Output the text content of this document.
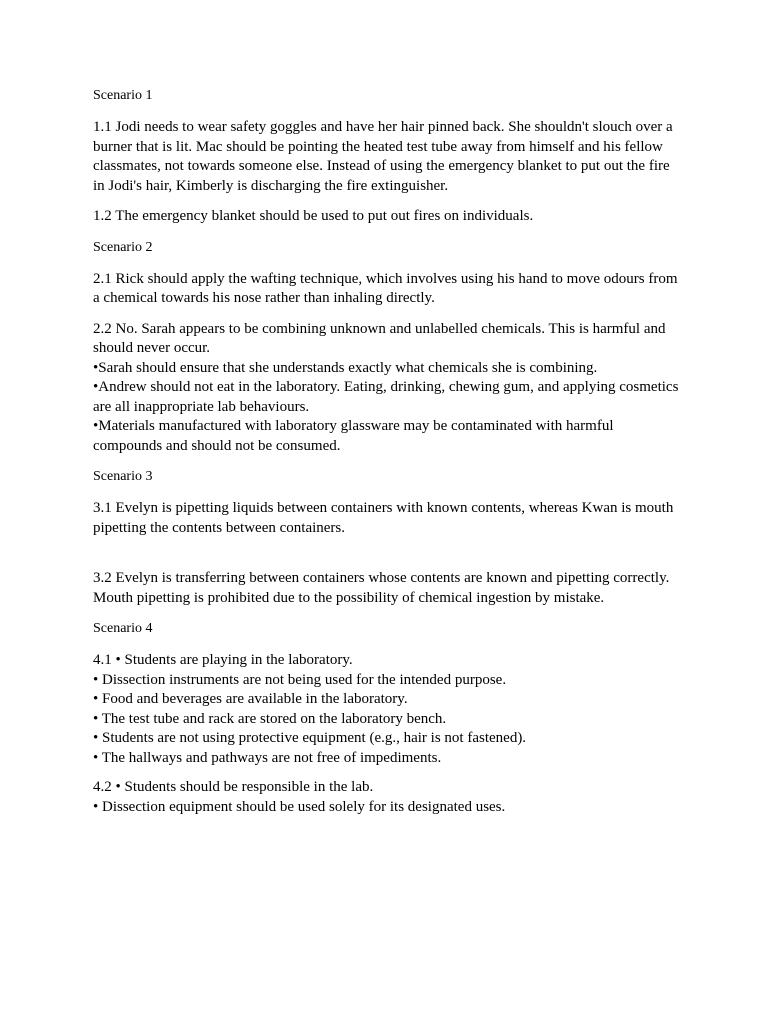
Scenario 1
1.1 Jodi needs to wear safety goggles and have her hair pinned back. She shouldn't slouch over a burner that is lit. Mac should be pointing the heated test tube away from himself and his fellow classmates, not towards someone else. Instead of using the emergency blanket to put out the fire in Jodi's hair, Kimberly is discharging the fire extinguisher.
1.2 The emergency blanket should be used to put out fires on individuals.
Scenario 2
2.1 Rick should apply the wafting technique, which involves using his hand to move odours from a chemical towards his nose rather than inhaling directly.
2.2 No. Sarah appears to be combining unknown and unlabelled chemicals. This is harmful and should never occur.
•Sarah should ensure that she understands exactly what chemicals she is combining.
•Andrew should not eat in the laboratory. Eating, drinking, chewing gum, and applying cosmetics are all inappropriate lab behaviours.
•Materials manufactured with laboratory glassware may be contaminated with harmful compounds and should not be consumed.
Scenario 3
3.1 Evelyn is pipetting liquids between containers with known contents, whereas Kwan is mouth pipetting the contents between containers.
3.2 Evelyn is transferring between containers whose contents are known and pipetting correctly. Mouth pipetting is prohibited due to the possibility of chemical ingestion by mistake.
Scenario 4
4.1 • Students are playing in the laboratory.
• Dissection instruments are not being used for the intended purpose.
• Food and beverages are available in the laboratory.
• The test tube and rack are stored on the laboratory bench.
• Students are not using protective equipment (e.g., hair is not fastened).
• The hallways and pathways are not free of impediments.
4.2 • Students should be responsible in the lab.
• Dissection equipment should be used solely for its designated uses.
